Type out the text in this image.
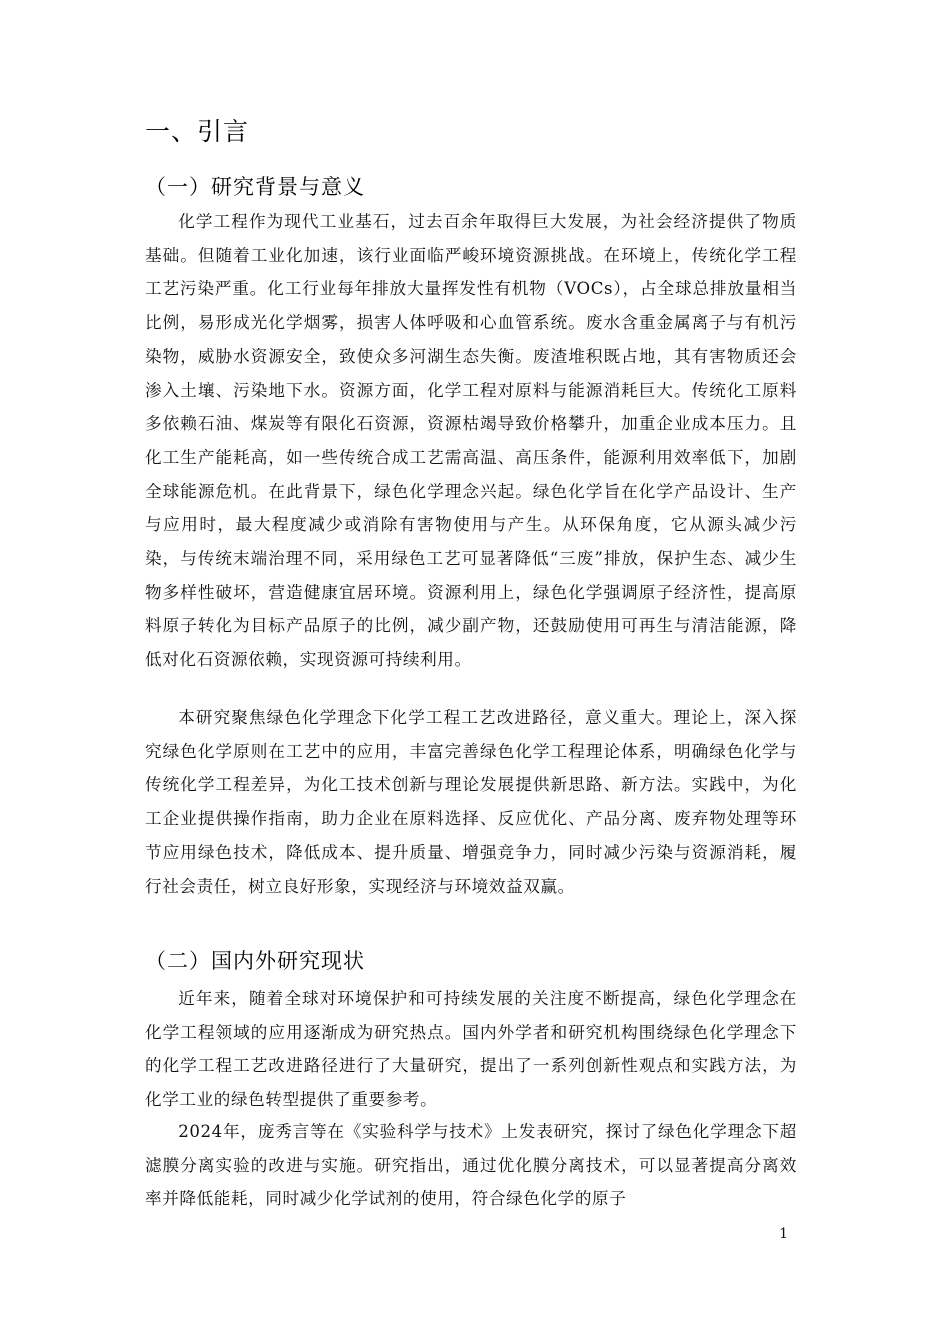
一、引言
（一）研究背景与意义

化学工程作为现代工业基石，过去百余年取得巨大发展，为社会经济提供了物质基础。但随着工业化加速，该行业面临严峻环境资源挑战。在环境上，传统化学工程工艺污染严重。化工行业每年排放大量挥发性有机物（VOCs），占全球总排放量相当比例，易形成光化学烟雾，损害人体呼吸和心血管系统。废水含重金属离子与有机污染物，威胁水资源安全，致使众多河湖生态失衡。废渣堆积既占地，其有害物质还会渗入土壤、污染地下水。资源方面，化学工程对原料与能源消耗巨大。传统化工原料多依赖石油、煤炭等有限化石资源，资源枯竭导致价格攀升，加重企业成本压力。且化工生产能耗高，如一些传统合成工艺需高温、高压条件，能源利用效率低下，加剧全球能源危机。在此背景下，绿色化学理念兴起。绿色化学旨在化学产品设计、生产与应用时，最大程度减少或消除有害物使用与产生。从环保角度，它从源头减少污染，与传统末端治理不同，采用绿色工艺可显著降低“三废”排放，保护生态、减少生物多样性破坏，营造健康宜居环境。资源利用上，绿色化学强调原子经济性，提高原料原子转化为目标产品原子的比例，减少副产物，还鼓励使用可再生与清洁能源，降低对化石资源依赖，实现资源可持续利用。

本研究聚焦绿色化学理念下化学工程工艺改进路径，意义重大。理论上，深入探究绿色化学原则在工艺中的应用，丰富完善绿色化学工程理论体系，明确绿色化学与传统化学工程差异，为化工技术创新与理论发展提供新思路、新方法。实践中，为化工企业提供操作指南，助力企业在原料选择、反应优化、产品分离、废弃物处理等环节应用绿色技术，降低成本、提升质量、增强竞争力，同时减少污染与资源消耗，履行社会责任，树立良好形象，实现经济与环境效益双赢。

（二）国内外研究现状

近年来，随着全球对环境保护和可持续发展的关注度不断提高，绿色化学理念在化学工程领域的应用逐渐成为研究热点。国内外学者和研究机构围绕绿色化学理念下的化学工程工艺改进路径进行了大量研究，提出了一系列创新性观点和实践方法，为化学工业的绿色转型提供了重要参考。

2024年，庞秀言等在《实验科学与技术》上发表研究，探讨了绿色化学理念下超滤膜分离实验的改进与实施。研究指出，通过优化膜分离技术，可以显著提高分离效率并降低能耗，同时减少化学试剂的使用，符合绿色化学的原子

1
